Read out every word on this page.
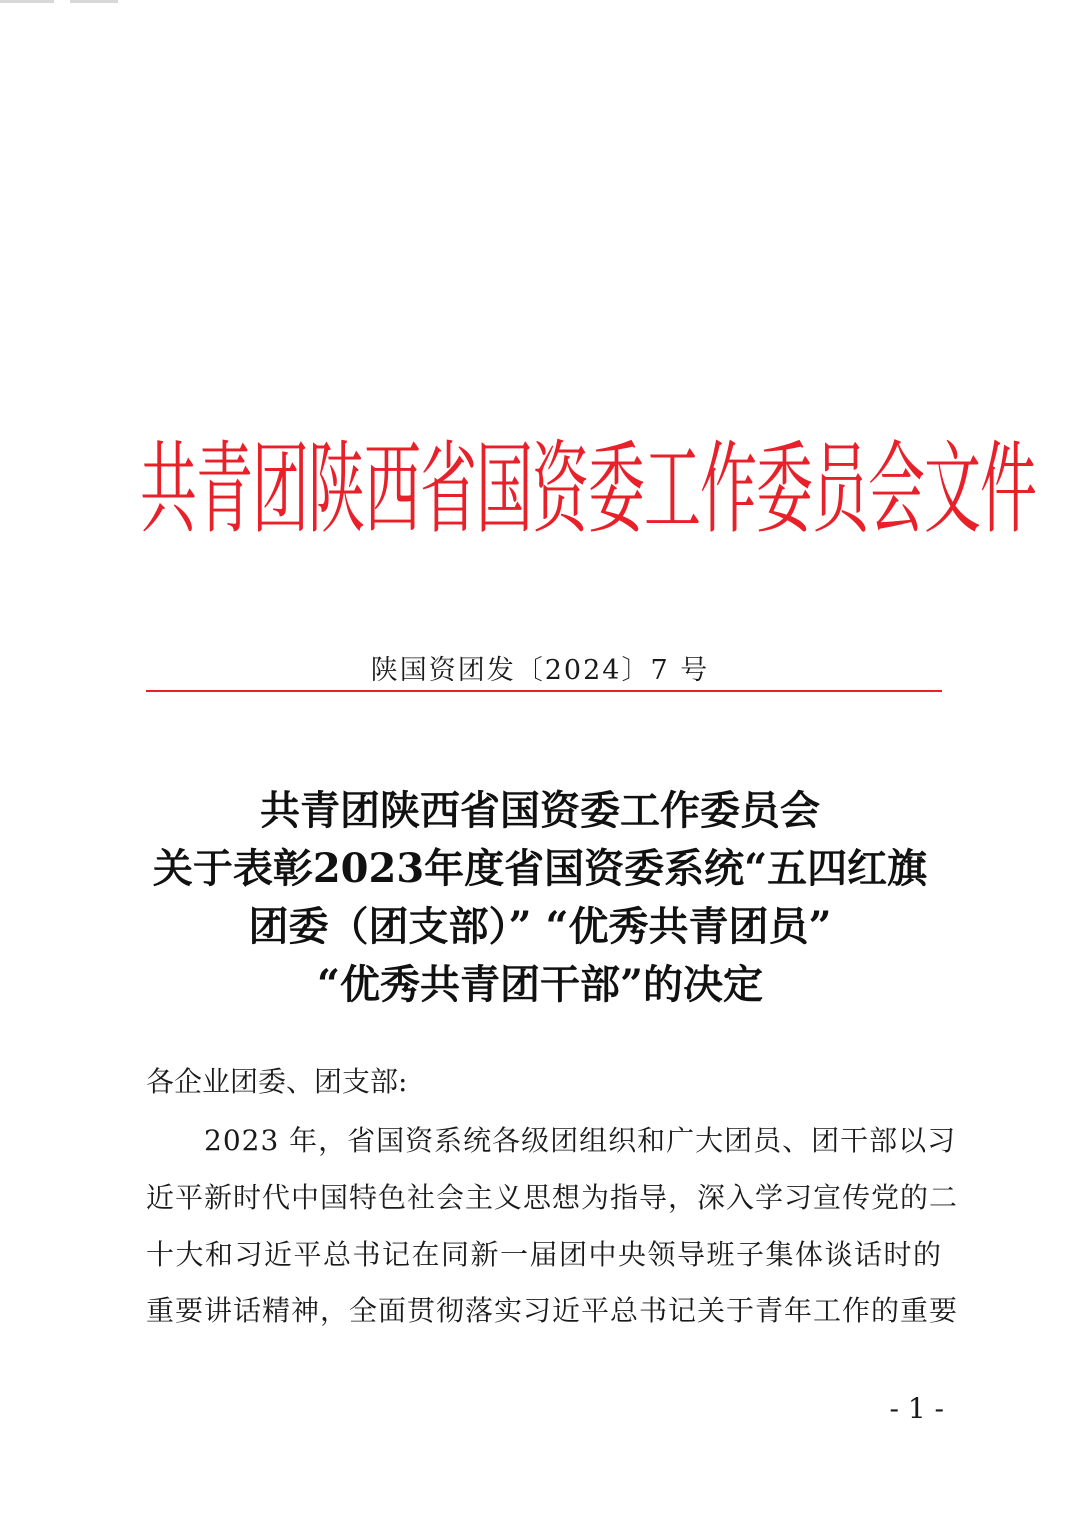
共青团陕西省国资委工作委员会文件
陕国资团发〔2024〕7 号
共青团陕西省国资委工作委员会
关于表彰2023年度省国资委系统“五四红旗
团委（团支部）” “优秀共青团员”
“优秀共青团干部”的决定
各企业团委、团支部:
　　2023 年，省国资系统各级团组织和广大团员、团干部以习
近平新时代中国特色社会主义思想为指导，深入学习宣传党的二
十大和习近平总书记在同新一届团中央领导班子集体谈话时的
重要讲话精神，全面贯彻落实习近平总书记关于青年工作的重要
- 1 -
